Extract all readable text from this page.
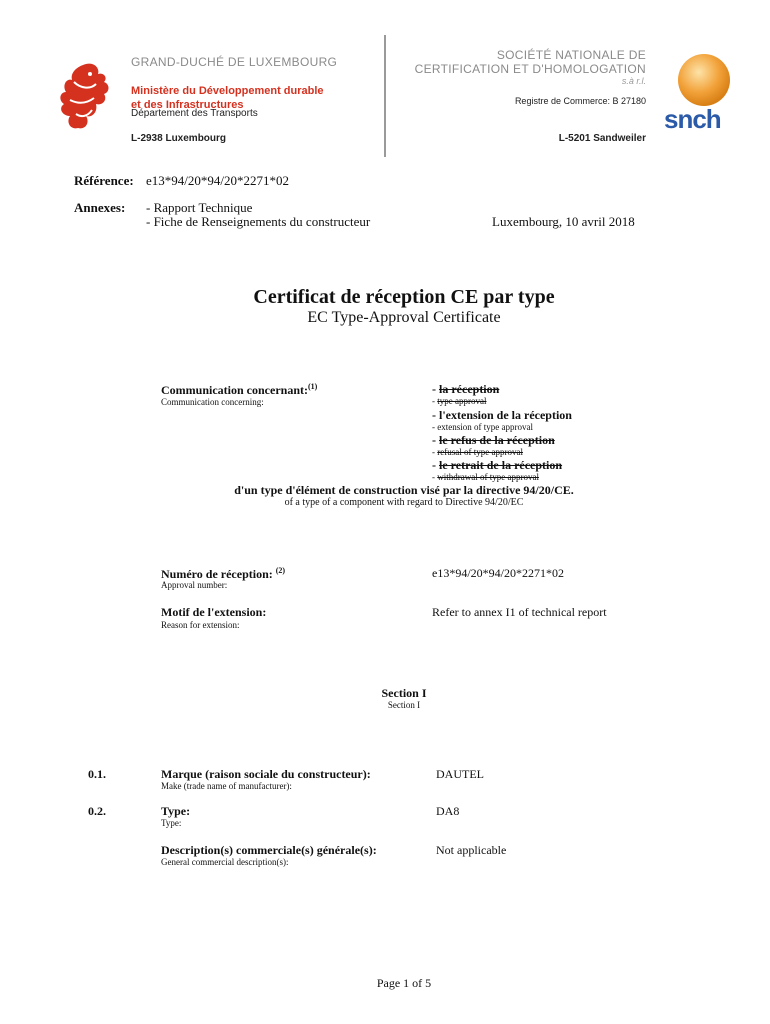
GRAND-DUCHÉ DE LUXEMBOURG
Ministère du Développement durable
et des Infrastructures
Département des Transports
L-2938 Luxembourg
SOCIÉTÉ NATIONALE DE
CERTIFICATION ET D'HOMOLOGATION
s.à r.l.
Registre de Commerce: B 27180
L-5201 Sandweiler
snch
Référence: e13*94/20*94/20*2271*02
Annexes: - Rapport Technique
- Fiche de Renseignements du constructeur	Luxembourg, 10 avril 2018
Certificat de réception CE par type
EC Type-Approval Certificate
Communication concernant:$^{(1)}$
Communication concerning:
- la réception
- type approval
- l'extension de la réception
- extension of type approval
- le refus de la réception
- refusal of type approval
- le retrait de la réception
- withdrawal of type approval
d'un type d'élément de construction visé par la directive 94/20/CE.
of a type of a component with regard to Directive 94/20/EC
Numéro de réception: $^{(2)}$
Approval number:
e13*94/20*94/20*2271*02
Motif de l'extension:
Reason for extension:
Refer to annex I1 of technical report
Section I
Section I
0.1.	Marque (raison sociale du constructeur):
Make (trade name of manufacturer):
DAUTEL
0.2.	Type:
Type:
DA8
Description(s) commerciale(s) générale(s):
General commercial description(s):
Not applicable
Page 1 of 5
